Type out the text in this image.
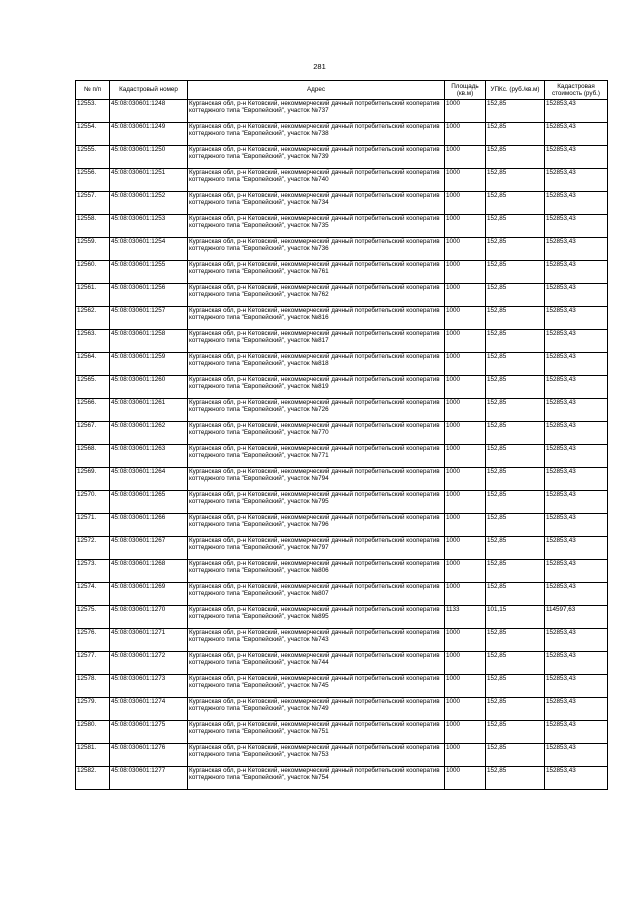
281
№ п/п	Кадастровый номер	Адрес	Площадь (кв.м)	УПКс. (руб./кв.м)	Кадастровая стоимость (руб.)
12553.	45:08:030601:1248	Курганская обл, р-н Кетовский, некоммерческий дачный потребительский кооператив коттеджного типа "Европейский", участок №737	1000	152,85	152853,43
12554.	45:08:030601:1249	Курганская обл, р-н Кетовский, некоммерческий дачный потребительский кооператив коттеджного типа "Европейский", участок №738	1000	152,85	152853,43
12555.	45:08:030601:1250	Курганская обл, р-н Кетовский, некоммерческий дачный потребительский кооператив коттеджного типа "Европейский", участок №739	1000	152,85	152853,43
12556.	45:08:030601:1251	Курганская обл, р-н Кетовский, некоммерческий дачный потребительский кооператив коттеджного типа "Европейский", участок №740	1000	152,85	152853,43
12557.	45:08:030601:1252	Курганская обл, р-н Кетовский, некоммерческий дачный потребительский кооператив коттеджного типа "Европейский", участок №734	1000	152,85	152853,43
12558.	45:08:030601:1253	Курганская обл, р-н Кетовский, некоммерческий дачный потребительский кооператив коттеджного типа "Европейский", участок №735	1000	152,85	152853,43
12559.	45:08:030601:1254	Курганская обл, р-н Кетовский, некоммерческий дачный потребительский кооператив коттеджного типа "Европейский", участок №736	1000	152,85	152853,43
12560.	45:08:030601:1255	Курганская обл, р-н Кетовский, некоммерческий дачный потребительский кооператив коттеджного типа "Европейский", участок №761	1000	152,85	152853,43
12561.	45:08:030601:1256	Курганская обл, р-н Кетовский, некоммерческий дачный потребительский кооператив коттеджного типа "Европейский", участок №762	1000	152,85	152853,43
12562.	45:08:030601:1257	Курганская обл, р-н Кетовский, некоммерческий дачный потребительский кооператив коттеджного типа "Европейский", участок №816	1000	152,85	152853,43
12563.	45:08:030601:1258	Курганская обл, р-н Кетовский, некоммерческий дачный потребительский кооператив коттеджного типа "Европейский", участок №817	1000	152,85	152853,43
12564.	45:08:030601:1259	Курганская обл, р-н Кетовский, некоммерческий дачный потребительский кооператив коттеджного типа "Европейский", участок №818	1000	152,85	152853,43
12565.	45:08:030601:1260	Курганская обл, р-н Кетовский, некоммерческий дачный потребительский кооператив коттеджного типа "Европейский", участок №819	1000	152,85	152853,43
12566.	45:08:030601:1261	Курганская обл, р-н Кетовский, некоммерческий дачный потребительский кооператив коттеджного типа "Европейский", участок №726	1000	152,85	152853,43
12567.	45:08:030601:1262	Курганская обл, р-н Кетовский, некоммерческий дачный потребительский кооператив коттеджного типа "Европейский", участок №770	1000	152,85	152853,43
12568.	45:08:030601:1263	Курганская обл, р-н Кетовский, некоммерческий дачный потребительский кооператив коттеджного типа "Европейский", участок №771	1000	152,85	152853,43
12569.	45:08:030601:1264	Курганская обл, р-н Кетовский, некоммерческий дачный потребительский кооператив коттеджного типа "Европейский", участок №794	1000	152,85	152853,43
12570.	45:08:030601:1265	Курганская обл, р-н Кетовский, некоммерческий дачный потребительский кооператив коттеджного типа "Европейский", участок №795	1000	152,85	152853,43
12571.	45:08:030601:1266	Курганская обл, р-н Кетовский, некоммерческий дачный потребительский кооператив коттеджного типа "Европейский", участок №796	1000	152,85	152853,43
12572.	45:08:030601:1267	Курганская обл, р-н Кетовский, некоммерческий дачный потребительский кооператив коттеджного типа "Европейский", участок №797	1000	152,85	152853,43
12573.	45:08:030601:1268	Курганская обл, р-н Кетовский, некоммерческий дачный потребительский кооператив коттеджного типа "Европейский", участок №806	1000	152,85	152853,43
12574.	45:08:030601:1269	Курганская обл, р-н Кетовский, некоммерческий дачный потребительский кооператив коттеджного типа "Европейский", участок №807	1000	152,85	152853,43
12575.	45:08:030601:1270	Курганская обл, р-н Кетовский, некоммерческий дачный потребительский кооператив коттеджного типа "Европейский", участок №895	1133	101,15	114597,63
12576.	45:08:030601:1271	Курганская обл, р-н Кетовский, некоммерческий дачный потребительский кооператив коттеджного типа "Европейский", участок №743	1000	152,85	152853,43
12577.	45:08:030601:1272	Курганская обл, р-н Кетовский, некоммерческий дачный потребительский кооператив коттеджного типа "Европейский", участок №744	1000	152,85	152853,43
12578.	45:08:030601:1273	Курганская обл, р-н Кетовский, некоммерческий дачный потребительский кооператив коттеджного типа "Европейский", участок №745	1000	152,85	152853,43
12579.	45:08:030601:1274	Курганская обл, р-н Кетовский, некоммерческий дачный потребительский кооператив коттеджного типа "Европейский", участок №749	1000	152,85	152853,43
12580.	45:08:030601:1275	Курганская обл, р-н Кетовский, некоммерческий дачный потребительский кооператив коттеджного типа "Европейский", участок №751	1000	152,85	152853,43
12581.	45:08:030601:1276	Курганская обл, р-н Кетовский, некоммерческий дачный потребительский кооператив коттеджного типа "Европейский", участок №753	1000	152,85	152853,43
12582.	45:08:030601:1277	Курганская обл, р-н Кетовский, некоммерческий дачный потребительский кооператив коттеджного типа "Европейский", участок №754	1000	152,85	152853,43
